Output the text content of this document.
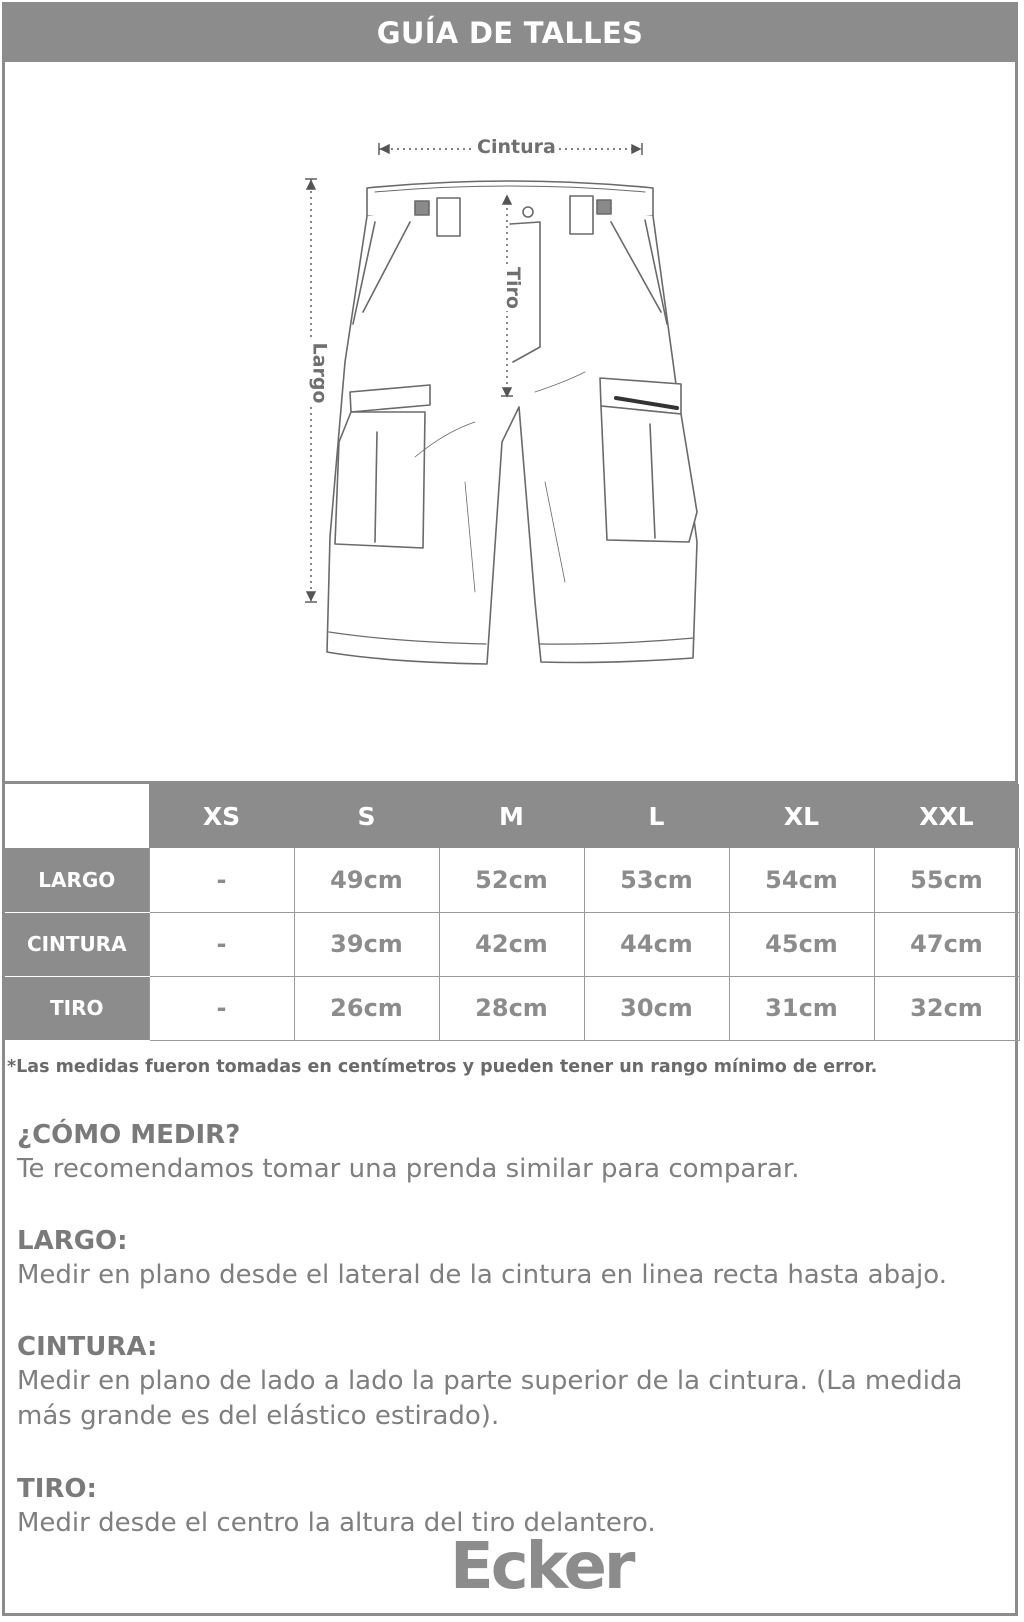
GUÍA DE TALLES
Cintura
Largo
Tiro
	XS	S	M	L	XL	XXL
LARGO	-	49cm	52cm	53cm	54cm	55cm
CINTURA	-	39cm	42cm	44cm	45cm	47cm
TIRO	-	26cm	28cm	30cm	31cm	32cm
*Las medidas fueron tomadas en centímetros y pueden tener un rango mínimo de error.
¿CÓMO MEDIR?

Te recomendamos tomar una prenda similar para comparar.

LARGO:

Medir en plano desde el lateral de la cintura en linea recta hasta abajo.

CINTURA:

Medir en plano de lado a lado la parte superior de la cintura. (La medida más grande es del elástico estirado).

TIRO:

Medir desde el centro la altura del tiro delantero.

Ecker
